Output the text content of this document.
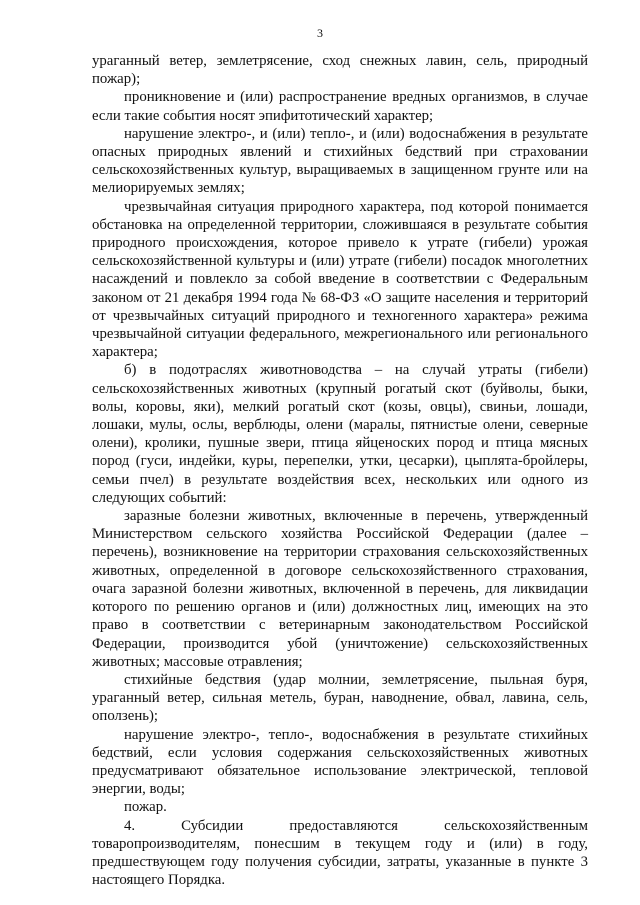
3

ураганный ветер, землетрясение, сход снежных лавин, сель, природный пожар);

проникновение и (или) распространение вредных организмов, в случае если такие события носят эпифитотический характер;

нарушение электро-, и (или) тепло-, и (или) водоснабжения в результате опасных природных явлений и стихийных бедствий при страховании сельскохозяйственных культур, выращиваемых в защищенном грунте или на мелиорируемых землях;

чрезвычайная ситуация природного характера, под которой понимается обстановка на определенной территории, сложившаяся в результате события природного происхождения, которое привело к утрате (гибели) урожая сельскохозяйственной культуры и (или) утрате (гибели) посадок многолетних насаждений и повлекло за собой введение в соответствии с Федеральным законом от 21 декабря 1994 года № 68-ФЗ «О защите населения и территорий от чрезвычайных ситуаций природного и техногенного характера» режима чрезвычайной ситуации федерального, межрегионального или регионального характера;

б) в подотраслях животноводства – на случай утраты (гибели) сельскохозяйственных животных (крупный рогатый скот (буйволы, быки, волы, коровы, яки), мелкий рогатый скот (козы, овцы), свиньи, лошади, лошаки, мулы, ослы, верблюды, олени (маралы, пятнистые олени, северные олени), кролики, пушные звери, птица яйценоских пород и птица мясных пород (гуси, индейки, куры, перепелки, утки, цесарки), цыплята-бройлеры, семьи пчел) в результате воздействия всех, нескольких или одного из следующих событий:

заразные болезни животных, включенные в перечень, утвержденный Министерством сельского хозяйства Российской Федерации (далее – перечень), возникновение на территории страхования сельскохозяйственных животных, определенной в договоре сельскохозяйственного страхования, очага заразной болезни животных, включенной в перечень, для ликвидации которого по решению органов и (или) должностных лиц, имеющих на это право в соответствии с ветеринарным законодательством Российской Федерации, производится убой (уничтожение) сельскохозяйственных животных; массовые отравления;

стихийные бедствия (удар молнии, землетрясение, пыльная буря, ураганный ветер, сильная метель, буран, наводнение, обвал, лавина, сель, оползень);

нарушение электро-, тепло-, водоснабжения в результате стихийных бедствий, если условия содержания сельскохозяйственных животных предусматривают обязательное использование электрической, тепловой энергии, воды;

пожар.

4. Субсидии предоставляются сельскохозяйственным товаропроизводителям, понесшим в текущем году и (или) в году, предшествующем году получения субсидии, затраты, указанные в пункте 3 настоящего Порядка.
